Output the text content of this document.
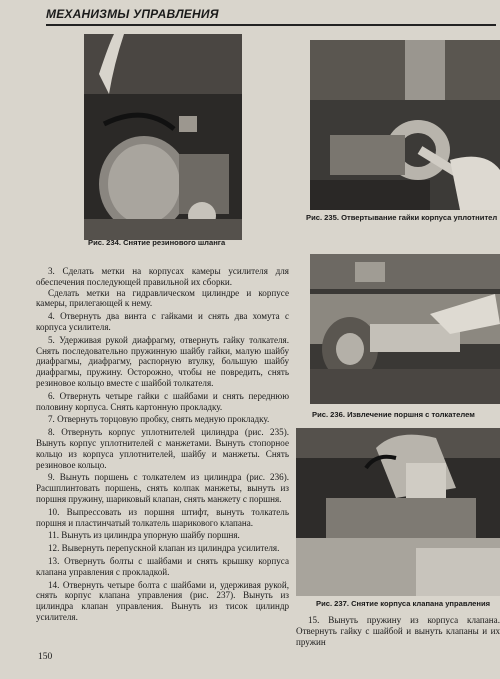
МЕХАНИЗМЫ УПРАВЛЕНИЯ
Рис. 234. Снятие резинового шланга
Рис. 235. Отвертывание гайки корпуса уплотнител
Рис. 236. Извлечение поршня с толкателем
Рис. 237. Снятие корпуса клапана управления

3. Сделать метки на корпусах камеры усилителя для обеспечения последующей правильной их сборки.

Сделать метки на гидравлическом цилиндре и корпусе камеры, прилегающей к нему.

4. Отвернуть два винта с гайками и снять два хомута с корпуса усилителя.

5. Удерживая рукой диафрагму, отвернуть гайку толкателя. Снять последовательно пружинную шайбу гайки, малую шайбу диафрагмы, диафрагму, распорную втулку, большую шайбу диафрагмы, пружину. Осторожно, чтобы не повредить, снять резиновое кольцо вместе с шайбой толкателя.

6. Отвернуть четыре гайки с шайбами и снять переднюю половину корпуса. Снять картонную прокладку.

7. Отвернуть торцовую пробку, снять медную прокладку.

8. Отвернуть корпус уплотнителей цилиндра (рис. 235). Вынуть корпус уплотнителей с манжетами. Вынуть стопорное кольцо из корпуса уплотнителей, шайбу и манжеты. Снять резиновое кольцо.

9. Вынуть поршень с толкателем из цилиндра (рис. 236). Расшплинтовать поршень, снять колпак манжеты, вынуть из поршня пружину, шариковый клапан, снять манжету с поршня.

10. Выпрессовать из поршня штифт, вынуть толкатель поршня и пластинчатый толкатель шарикового клапана.

11. Вынуть из цилиндра упорную шайбу поршня.

12. Вывернуть перепускной клапан из цилиндра усилителя.

13. Отвернуть болты с шайбами и снять крышку корпуса клапана управления с прокладкой.

14. Отвернуть четыре болта с шайбами и, удерживая рукой, снять корпус клапана управления (рис. 237). Вынуть из цилиндра клапан управления. Вынуть из тисок цилиндр усилителя.	15. Вынуть пружину из корпуса клапана. Отвернуть гайку с шайбой и вынуть клапаны и их пружин

150
